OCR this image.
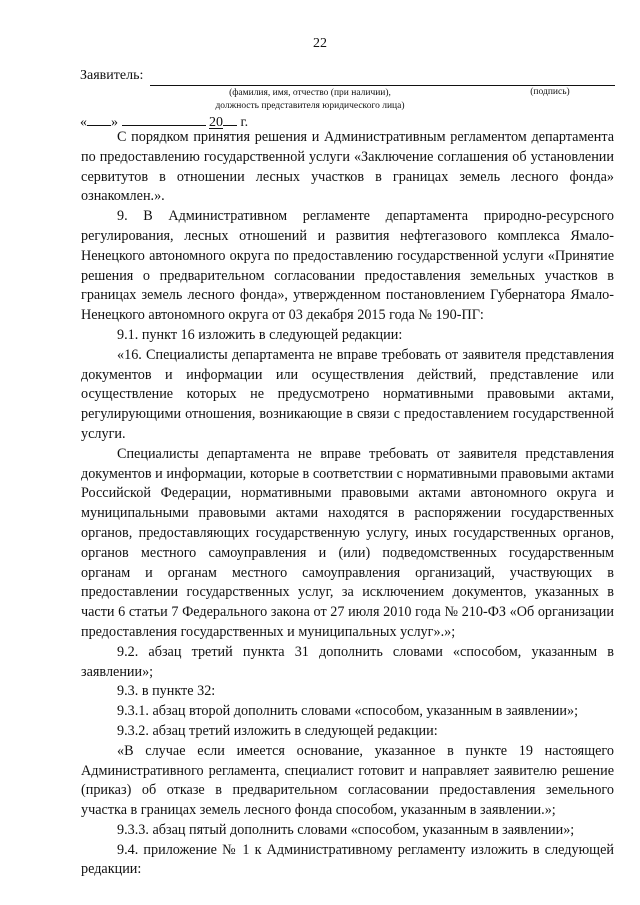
22
Заявитель:
(фамилия, имя, отчество (при наличии),
должность представителя юридического лица)
(подпись)
« »	20 г.

С порядком принятия решения и Административным регламентом департамента по предоставлению государственной услуги «Заключение соглашения об установлении сервитутов в отношении лесных участков в границах земель лесного фонда» ознакомлен.».

9. В Административном регламенте департамента природно-ресурсного регулирования, лесных отношений и развития нефтегазового комплекса Ямало-Ненецкого автономного округа по предоставлению государственной услуги «Принятие решения о предварительном согласовании предоставления земельных участков в границах земель лесного фонда», утвержденном постановлением Губернатора Ямало-Ненецкого автономного округа от 03 декабря 2015 года № 190-ПГ:

9.1. пункт 16 изложить в следующей редакции:

«16. Специалисты департамента не вправе требовать от заявителя представления документов и информации или осуществления действий, представление или осуществление которых не предусмотрено нормативными правовыми актами, регулирующими отношения, возникающие в связи с предоставлением государственной услуги.

Специалисты департамента не вправе требовать от заявителя представления документов и информации, которые в соответствии с нормативными правовыми актами Российской Федерации, нормативными правовыми актами автономного округа и муниципальными правовыми актами находятся в распоряжении государственных органов, предоставляющих государственную услугу, иных государственных органов, органов местного самоуправления и (или) подведомственных государственным органам и органам местного самоуправления организаций, участвующих в предоставлении государственных услуг, за исключением документов, указанных в части 6 статьи 7 Федерального закона от 27 июля 2010 года № 210-ФЗ «Об организации предоставления государственных и муниципальных услуг».»;

9.2. абзац третий пункта 31 дополнить словами «способом, указанным в заявлении»;

9.3. в пункте 32:

9.3.1. абзац второй дополнить словами «способом, указанным в заявлении»;

9.3.2. абзац третий изложить в следующей редакции:

«В случае если имеется основание, указанное в пункте 19 настоящего Административного регламента, специалист готовит и направляет заявителю решение (приказ) об отказе в предварительном согласовании предоставления земельного участка в границах земель лесного фонда способом, указанным в заявлении.»;

9.3.3. абзац пятый дополнить словами «способом, указанным в заявлении»;

9.4. приложение № 1 к Административному регламенту изложить в следующей редакции:
